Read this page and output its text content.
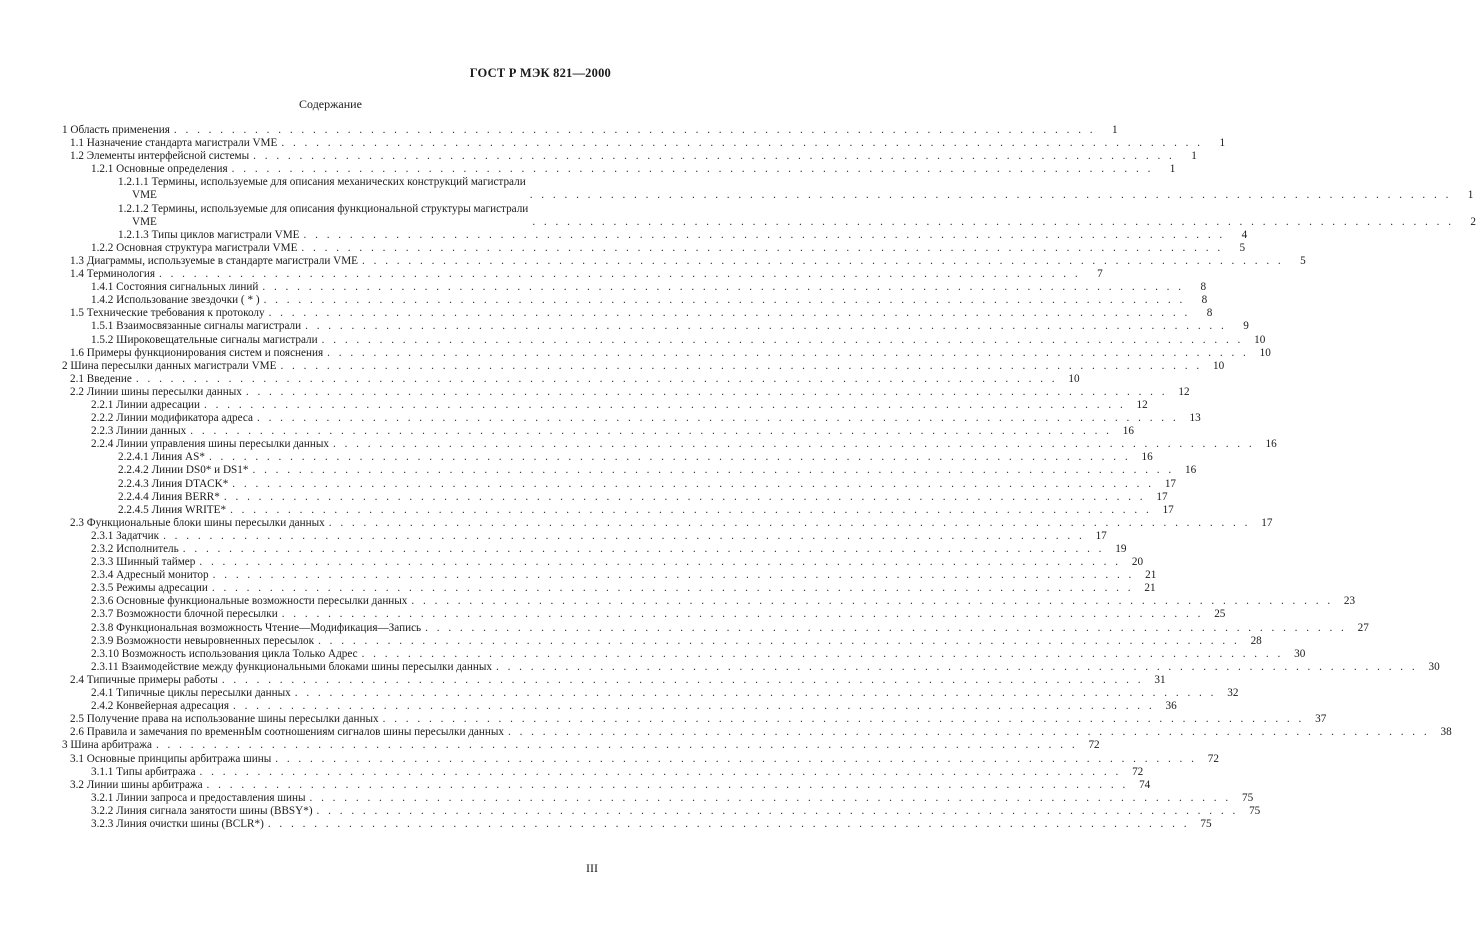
ГОСТ Р МЭК 821—2000
Содержание
1 Область применения . . . . . . . . . . . . . . . . . . . . . . . . . . . . . . . . . . . . . . . . . . . . . . . . . . . . . . . . . . . . . . . . . . . . . . . . . . . . . . . .	1
1.1 Назначение стандарта магистрали VME . . . . . . . . . . . . . . . . . . . . . . . . . . . . . . . . . . . . . . . . . . . . . . . . . . . . . . . . . . . . . . . . . . . . . . . . . . . . . . . .	1
1.2 Элементы интерфейсной системы . . . . . . . . . . . . . . . . . . . . . . . . . . . . . . . . . . . . . . . . . . . . . . . . . . . . . . . . . . . . . . . . . . . . . . . . . . . . . . . .	1
1.2.1 Основные определения . . . . . . . . . . . . . . . . . . . . . . . . . . . . . . . . . . . . . . . . . . . . . . . . . . . . . . . . . . . . . . . . . . . . . . . . . . . . . . . .	1
1.2.1.1 Термины, используемые для описания механических конструкций магистрали
VME	. . . . . . . . . . . . . . . . . . . . . . . . . . . . . . . . . . . . . . . . . . . . . . . . . . . . . . . . . . . . . . . . . . . . . . . . . . . . . . . .	1
1.2.1.2 Термины, используемые для описания функциональной структуры магистрали
VME	. . . . . . . . . . . . . . . . . . . . . . . . . . . . . . . . . . . . . . . . . . . . . . . . . . . . . . . . . . . . . . . . . . . . . . . . . . . . . . . .	2
1.2.1.3 Типы циклов магистрали VME . . . . . . . . . . . . . . . . . . . . . . . . . . . . . . . . . . . . . . . . . . . . . . . . . . . . . . . . . . . . . . . . . . . . . . . . . . . . . . . .	4
1.2.2 Основная структура магистрали VME . . . . . . . . . . . . . . . . . . . . . . . . . . . . . . . . . . . . . . . . . . . . . . . . . . . . . . . . . . . . . . . . . . . . . . . . . . . . . . . .	5
1.3 Диаграммы, используемые в стандарте магистрали VME . . . . . . . . . . . . . . . . . . . . . . . . . . . . . . . . . . . . . . . . . . . . . . . . . . . . . . . . . . . . . . . . . . . . . . . . . . . . . . . .	5
1.4 Терминология . . . . . . . . . . . . . . . . . . . . . . . . . . . . . . . . . . . . . . . . . . . . . . . . . . . . . . . . . . . . . . . . . . . . . . . . . . . . . . . .	7
1.4.1 Состояния сигнальных линий . . . . . . . . . . . . . . . . . . . . . . . . . . . . . . . . . . . . . . . . . . . . . . . . . . . . . . . . . . . . . . . . . . . . . . . . . . . . . . . .	8
1.4.2 Использование звездочки ( * ) . . . . . . . . . . . . . . . . . . . . . . . . . . . . . . . . . . . . . . . . . . . . . . . . . . . . . . . . . . . . . . . . . . . . . . . . . . . . . . . .	8
1.5 Технические требования к протоколу . . . . . . . . . . . . . . . . . . . . . . . . . . . . . . . . . . . . . . . . . . . . . . . . . . . . . . . . . . . . . . . . . . . . . . . . . . . . . . . .	8
1.5.1 Взаимосвязанные сигналы магистрали . . . . . . . . . . . . . . . . . . . . . . . . . . . . . . . . . . . . . . . . . . . . . . . . . . . . . . . . . . . . . . . . . . . . . . . . . . . . . . . .	9
1.5.2 Широковещательные сигналы магистрали . . . . . . . . . . . . . . . . . . . . . . . . . . . . . . . . . . . . . . . . . . . . . . . . . . . . . . . . . . . . . . . . . . . . . . . . . . . . . . . . 10
1.6 Примеры функционирования систем и пояснения . . . . . . . . . . . . . . . . . . . . . . . . . . . . . . . . . . . . . . . . . . . . . . . . . . . . . . . . . . . . . . . . . . . . . . . . . . . . . . . . 10
2 Шина пересылки данных магистрали VME . . . . . . . . . . . . . . . . . . . . . . . . . . . . . . . . . . . . . . . . . . . . . . . . . . . . . . . . . . . . . . . . . . . . . . . . . . . . . . . . 10
2.1 Введение . . . . . . . . . . . . . . . . . . . . . . . . . . . . . . . . . . . . . . . . . . . . . . . . . . . . . . . . . . . . . . . . . . . . . . . . . . . . . . . . 10
2.2 Линии шины пересылки данных . . . . . . . . . . . . . . . . . . . . . . . . . . . . . . . . . . . . . . . . . . . . . . . . . . . . . . . . . . . . . . . . . . . . . . . . . . . . . . . . 12
2.2.1 Линии адресации . . . . . . . . . . . . . . . . . . . . . . . . . . . . . . . . . . . . . . . . . . . . . . . . . . . . . . . . . . . . . . . . . . . . . . . . . . . . . . . . 12
2.2.2 Линии модификатора адреса . . . . . . . . . . . . . . . . . . . . . . . . . . . . . . . . . . . . . . . . . . . . . . . . . . . . . . . . . . . . . . . . . . . . . . . . . . . . . . . . 13
2.2.3 Линии данных . . . . . . . . . . . . . . . . . . . . . . . . . . . . . . . . . . . . . . . . . . . . . . . . . . . . . . . . . . . . . . . . . . . . . . . . . . . . . . . . 16
2.2.4 Линии управления шины пересылки данных . . . . . . . . . . . . . . . . . . . . . . . . . . . . . . . . . . . . . . . . . . . . . . . . . . . . . . . . . . . . . . . . . . . . . . . . . . . . . . . . 16
2.2.4.1 Линия AS* . . . . . . . . . . . . . . . . . . . . . . . . . . . . . . . . . . . . . . . . . . . . . . . . . . . . . . . . . . . . . . . . . . . . . . . . . . . . . . . . 16
2.2.4.2 Линии DS0* и DS1* . . . . . . . . . . . . . . . . . . . . . . . . . . . . . . . . . . . . . . . . . . . . . . . . . . . . . . . . . . . . . . . . . . . . . . . . . . . . . . . . 16
2.2.4.3 Линия DTACK* . . . . . . . . . . . . . . . . . . . . . . . . . . . . . . . . . . . . . . . . . . . . . . . . . . . . . . . . . . . . . . . . . . . . . . . . . . . . . . . . 17
2.2.4.4 Линия BERR* . . . . . . . . . . . . . . . . . . . . . . . . . . . . . . . . . . . . . . . . . . . . . . . . . . . . . . . . . . . . . . . . . . . . . . . . . . . . . . . . 17
2.2.4.5 Линия WRITE* . . . . . . . . . . . . . . . . . . . . . . . . . . . . . . . . . . . . . . . . . . . . . . . . . . . . . . . . . . . . . . . . . . . . . . . . . . . . . . . . 17
2.3 Функциональные блоки шины пересылки данных . . . . . . . . . . . . . . . . . . . . . . . . . . . . . . . . . . . . . . . . . . . . . . . . . . . . . . . . . . . . . . . . . . . . . . . . . . . . . . . . 17
2.3.1 Задатчик . . . . . . . . . . . . . . . . . . . . . . . . . . . . . . . . . . . . . . . . . . . . . . . . . . . . . . . . . . . . . . . . . . . . . . . . . . . . . . . . 17
2.3.2 Исполнитель . . . . . . . . . . . . . . . . . . . . . . . . . . . . . . . . . . . . . . . . . . . . . . . . . . . . . . . . . . . . . . . . . . . . . . . . . . . . . . . . 19
2.3.3 Шинный таймер . . . . . . . . . . . . . . . . . . . . . . . . . . . . . . . . . . . . . . . . . . . . . . . . . . . . . . . . . . . . . . . . . . . . . . . . . . . . . . . . 20
2.3.4 Адресный монитор . . . . . . . . . . . . . . . . . . . . . . . . . . . . . . . . . . . . . . . . . . . . . . . . . . . . . . . . . . . . . . . . . . . . . . . . . . . . . . . . 21
2.3.5 Режимы адресации . . . . . . . . . . . . . . . . . . . . . . . . . . . . . . . . . . . . . . . . . . . . . . . . . . . . . . . . . . . . . . . . . . . . . . . . . . . . . . . . 21
2.3.6 Основные функциональные возможности пересылки данных . . . . . . . . . . . . . . . . . . . . . . . . . . . . . . . . . . . . . . . . . . . . . . . . . . . . . . . . . . . . . . . . . . . . . . . . . . . . . . . . 23
2.3.7 Возможности блочной пересылки . . . . . . . . . . . . . . . . . . . . . . . . . . . . . . . . . . . . . . . . . . . . . . . . . . . . . . . . . . . . . . . . . . . . . . . . . . . . . . . . 25
2.3.8 Функциональная возможность Чтение—Модификация—Запись . . . . . . . . . . . . . . . . . . . . . . . . . . . . . . . . . . . . . . . . . . . . . . . . . . . . . . . . . . . . . . . . . . . . . . . . . . . . . . . . 27
2.3.9 Возможности невыровненных пересылок . . . . . . . . . . . . . . . . . . . . . . . . . . . . . . . . . . . . . . . . . . . . . . . . . . . . . . . . . . . . . . . . . . . . . . . . . . . . . . . . 28
2.3.10 Возможность использования цикла Только Адрес . . . . . . . . . . . . . . . . . . . . . . . . . . . . . . . . . . . . . . . . . . . . . . . . . . . . . . . . . . . . . . . . . . . . . . . . . . . . . . . . 30
2.3.11 Взаимодействие между функциональными блоками шины пересылки данных . . . . . . . . . . . . . . . . . . . . . . . . . . . . . . . . . . . . . . . . . . . . . . . . . . . . . . . . . . . . . . . . . . . . . . . . . . . . . . . . 30
2.4 Типичные примеры работы . . . . . . . . . . . . . . . . . . . . . . . . . . . . . . . . . . . . . . . . . . . . . . . . . . . . . . . . . . . . . . . . . . . . . . . . . . . . . . . . 31
2.4.1 Типичные циклы пересылки данных . . . . . . . . . . . . . . . . . . . . . . . . . . . . . . . . . . . . . . . . . . . . . . . . . . . . . . . . . . . . . . . . . . . . . . . . . . . . . . . . 32
2.4.2 Конвейерная адресация . . . . . . . . . . . . . . . . . . . . . . . . . . . . . . . . . . . . . . . . . . . . . . . . . . . . . . . . . . . . . . . . . . . . . . . . . . . . . . . . 36
2.5 Получение права на использование шины пересылки данных . . . . . . . . . . . . . . . . . . . . . . . . . . . . . . . . . . . . . . . . . . . . . . . . . . . . . . . . . . . . . . . . . . . . . . . . . . . . . . . . 37
2.6 Правила и замечания по временнЫм соотношениям сигналов шины пересылки данных . . . . . . . . . . . . . . . . . . . . . . . . . . . . . . . . . . . . . . . . . . . . . . . . . . . . . . . . . . . . . . . . . . . . . . . . . . . . . . . . 38
3 Шина арбитража . . . . . . . . . . . . . . . . . . . . . . . . . . . . . . . . . . . . . . . . . . . . . . . . . . . . . . . . . . . . . . . . . . . . . . . . . . . . . . . . 72
3.1 Основные принципы арбитража шины . . . . . . . . . . . . . . . . . . . . . . . . . . . . . . . . . . . . . . . . . . . . . . . . . . . . . . . . . . . . . . . . . . . . . . . . . . . . . . . . 72
3.1.1 Типы арбитража . . . . . . . . . . . . . . . . . . . . . . . . . . . . . . . . . . . . . . . . . . . . . . . . . . . . . . . . . . . . . . . . . . . . . . . . . . . . . . . . 72
3.2 Линии шины арбитража . . . . . . . . . . . . . . . . . . . . . . . . . . . . . . . . . . . . . . . . . . . . . . . . . . . . . . . . . . . . . . . . . . . . . . . . . . . . . . . . 74
3.2.1 Линии запроса и предоставления шины . . . . . . . . . . . . . . . . . . . . . . . . . . . . . . . . . . . . . . . . . . . . . . . . . . . . . . . . . . . . . . . . . . . . . . . . . . . . . . . . 75
3.2.2 Линия сигнала занятости шины (BBSY*) . . . . . . . . . . . . . . . . . . . . . . . . . . . . . . . . . . . . . . . . . . . . . . . . . . . . . . . . . . . . . . . . . . . . . . . . . . . . . . . . 75
3.2.3 Линия очистки шины (BCLR*) . . . . . . . . . . . . . . . . . . . . . . . . . . . . . . . . . . . . . . . . . . . . . . . . . . . . . . . . . . . . . . . . . . . . . . . . . . . . . . . . 75
III
